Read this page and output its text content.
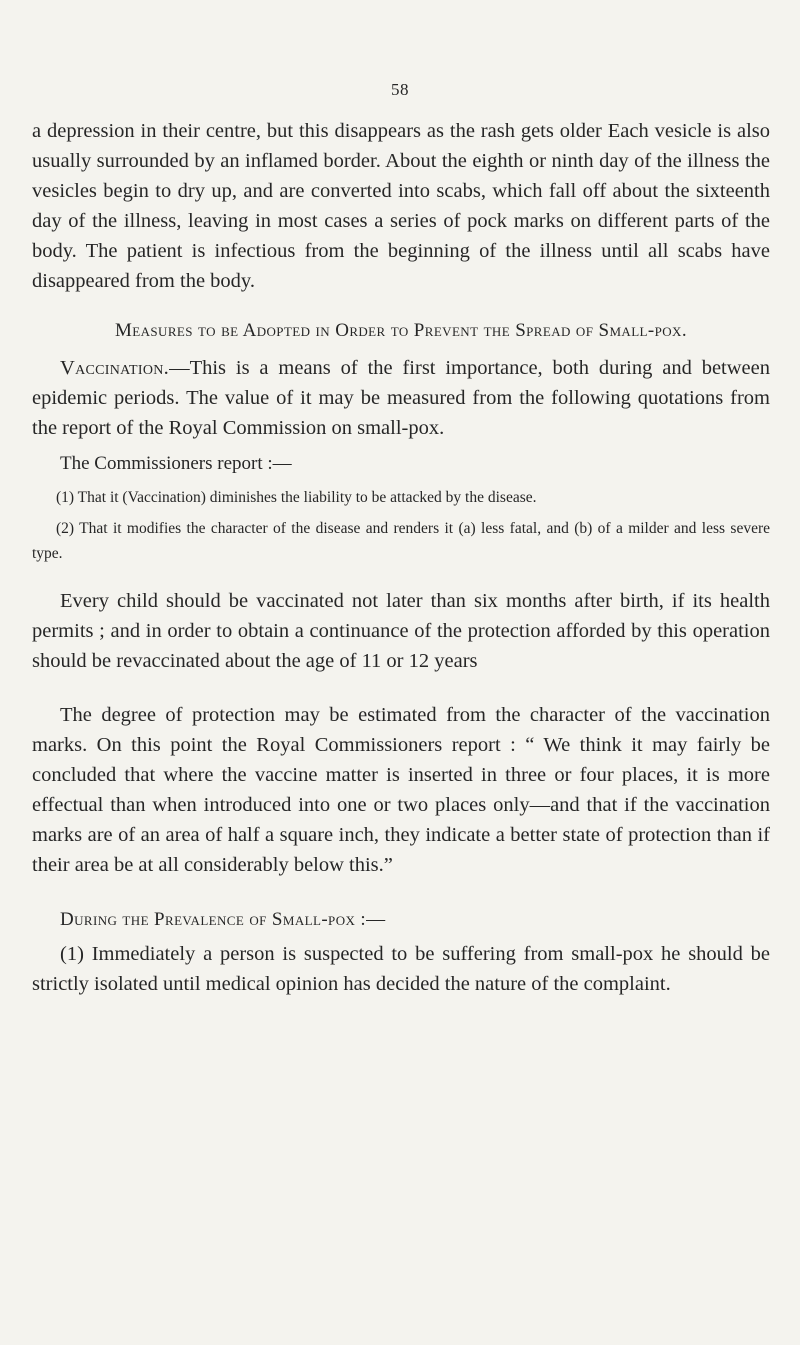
58

a depression in their centre, but this disappears as the rash gets older Each vesicle is also usually surrounded by an inflamed border. About the eighth or ninth day of the illness the vesicles begin to dry up, and are converted into scabs, which fall off about the sixteenth day of the illness, leaving in most cases a series of pock marks on different parts of the body. The patient is infectious from the beginning of the illness until all scabs have disappeared from the body.

Measures to be Adopted in Order to Prevent the Spread of Small-pox.

Vaccination.—This is a means of the first importance, both during and between epidemic periods. The value of it may be measured from the following quotations from the report of the Royal Commission on small-pox.

The Commissioners report :—

(1) That it (Vaccination) diminishes the liability to be attacked by the disease.

(2) That it modifies the character of the disease and renders it (a) less fatal, and (b) of a milder and less severe type.

Every child should be vaccinated not later than six months after birth, if its health permits ; and in order to obtain a continuance of the protection afforded by this operation should be revaccinated about the age of 11 or 12 years

The degree of protection may be estimated from the character of the vaccination marks. On this point the Royal Commissioners report : “ We think it may fairly be concluded that where the vaccine matter is inserted in three or four places, it is more effectual than when introduced into one or two places only—and that if the vaccination marks are of an area of half a square inch, they indicate a better state of protection than if their area be at all considerably below this.”

During the Prevalence of Small-pox :—

(1) Immediately a person is suspected to be suffering from small-pox he should be strictly isolated until medical opinion has decided the nature of the complaint.
